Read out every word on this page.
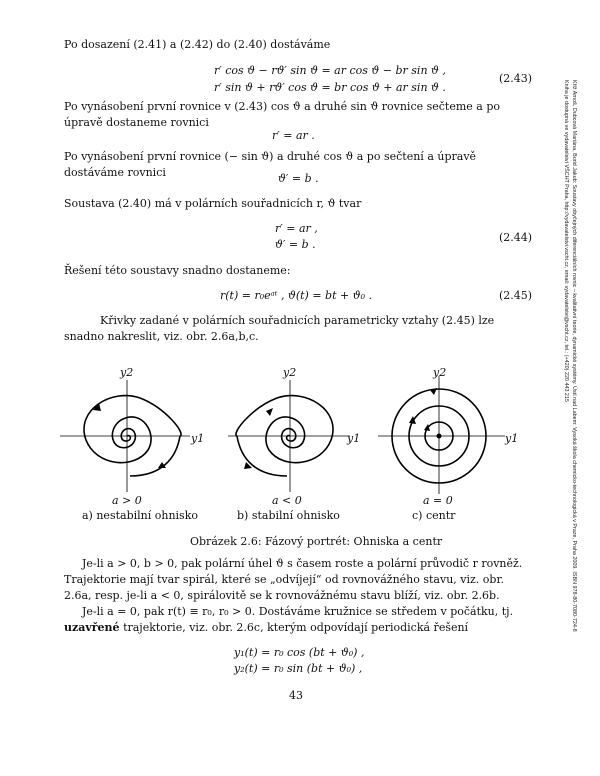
Po dosazení (2.41) a (2.42) do (2.40) dostáváme
r′ cos ϑ − rϑ′ sin ϑ = ar cos ϑ − br sin ϑ ,
r′ sin ϑ + rϑ′ cos ϑ = br cos ϑ + ar sin ϑ .
(2.43)
Po vynásobení první rovnice v (2.43) cos ϑ a druhé sin ϑ rovnice sečteme a po úpravě dostaneme rovnici
r′ = ar .
Po vynásobení první rovnice (− sin ϑ) a druhé cos ϑ a po sečtení a úpravě dostáváme rovnici	ϑ′ = b .
Soustava (2.40) má v polárních souřadnicích r, ϑ tvar
r′ = ar ,
ϑ′ = b .
(2.44)
Řešení této soustavy snadno dostaneme:
r(t) = r₀eᵃᵗ , ϑ(t) = bt + ϑ₀ .	(2.45)
Křivky zadané v polárních souřadnicích parametricky vztahy (2.45) lze snadno nakreslit, viz. obr. 2.6a,b,c.
y2
y1
y2
y1
y2
y1
a > 0
a) nestabilní ohnisko
a < 0
b) stabilní ohnisko
a = 0
c) centr
Obrázek 2.6: Fázový portrét: Ohniska a centr
Je-li a > 0, b > 0, pak polární úhel ϑ s časem roste a polární průvodič r rovněž. Trajektorie mají tvar spirál, které se „odvíjejí“ od rovnovážného stavu, viz. obr. 2.6a, resp. je-li a < 0, spirálovitě se k rovnovážnému stavu blíží, viz. obr. 2.6b.
Je-li a = 0, pak r(t) ≡ r₀, r₀ > 0. Dostáváme kružnice se středem v počátku, tj. uzavřené trajektorie, viz. obr. 2.6c, kterým odpovídají periodická řešení
y₁(t) = r₀ cos (bt + ϑ₀) ,
y₂(t) = r₀ sin (bt + ϑ₀) ,
43
Kříž Arnoš, Dubcová Mariána, Burid Jakub: Soustavy obyčejných diferenciálních rovnic – kvalitativní teorie, dynamické systémy. Ústí nad Labem: Vysoká škola chemicko-technologická v Praze, Praha 2009. ISBN 978-80-7080-724-8
Kniha je dostupná ve vydavatelství VŠCHT Praha, http://vydavatelstvi.vscht.cz, email: vydavatelstvi@vscht.cz, tel.: (+420) 220 443 215
